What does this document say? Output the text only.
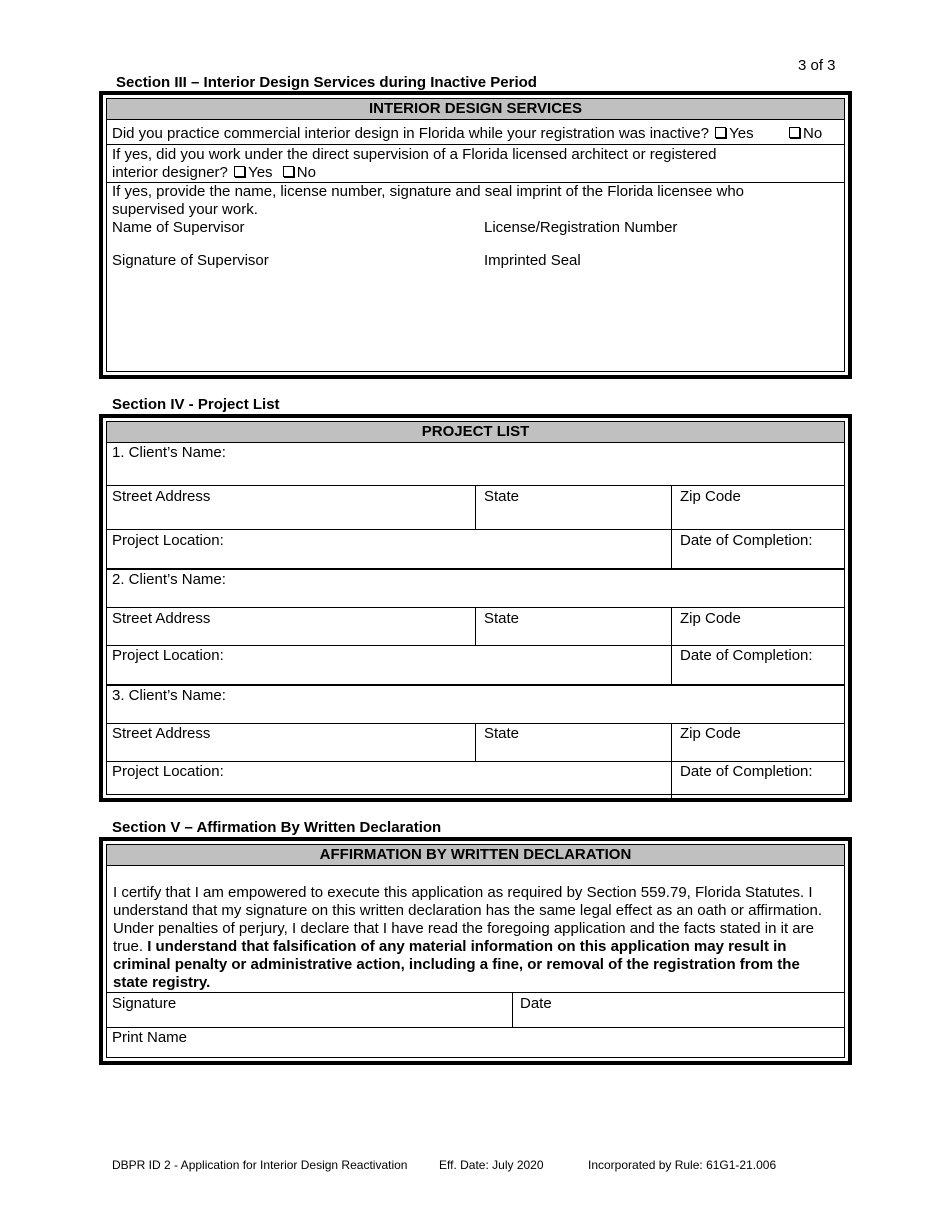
3 of 3
Section III – Interior Design Services during Inactive Period
INTERIOR DESIGN SERVICES
Did you practice commercial interior design in Florida while your registration was inactive? Yes	No
If yes, did you work under the direct supervision of a Florida licensed architect or registered
interior designer? Yes No
If yes, provide the name, license number, signature and seal imprint of the Florida licensee who
supervised your work.
Name of Supervisor	License/Registration Number
Signature of Supervisor	Imprinted Seal
Section IV - Project List
PROJECT LIST
1. Client’s Name:
Street Address	State	Zip Code
Project Location:	Date of Completion:
2. Client’s Name:
Street Address	State	Zip Code
Project Location:	Date of Completion:
3. Client’s Name:
Street Address	State	Zip Code
Project Location:	Date of Completion:
Section V – Affirmation By Written Declaration
AFFIRMATION BY WRITTEN DECLARATION
I certify that I am empowered to execute this application as required by Section 559.79, Florida Statutes. I understand that my signature on this written declaration has the same legal effect as an oath or affirmation. Under penalties of perjury, I declare that I have read the foregoing application and the facts stated in it are true. I understand that falsification of any material information on this application may result in criminal penalty or administrative action, including a fine, or removal of the registration from the state registry.
Signature	Date
Print Name
DBPR ID 2 - Application for Interior Design Reactivation	Eff. Date: July 2020	Incorporated by Rule: 61G1-21.006
